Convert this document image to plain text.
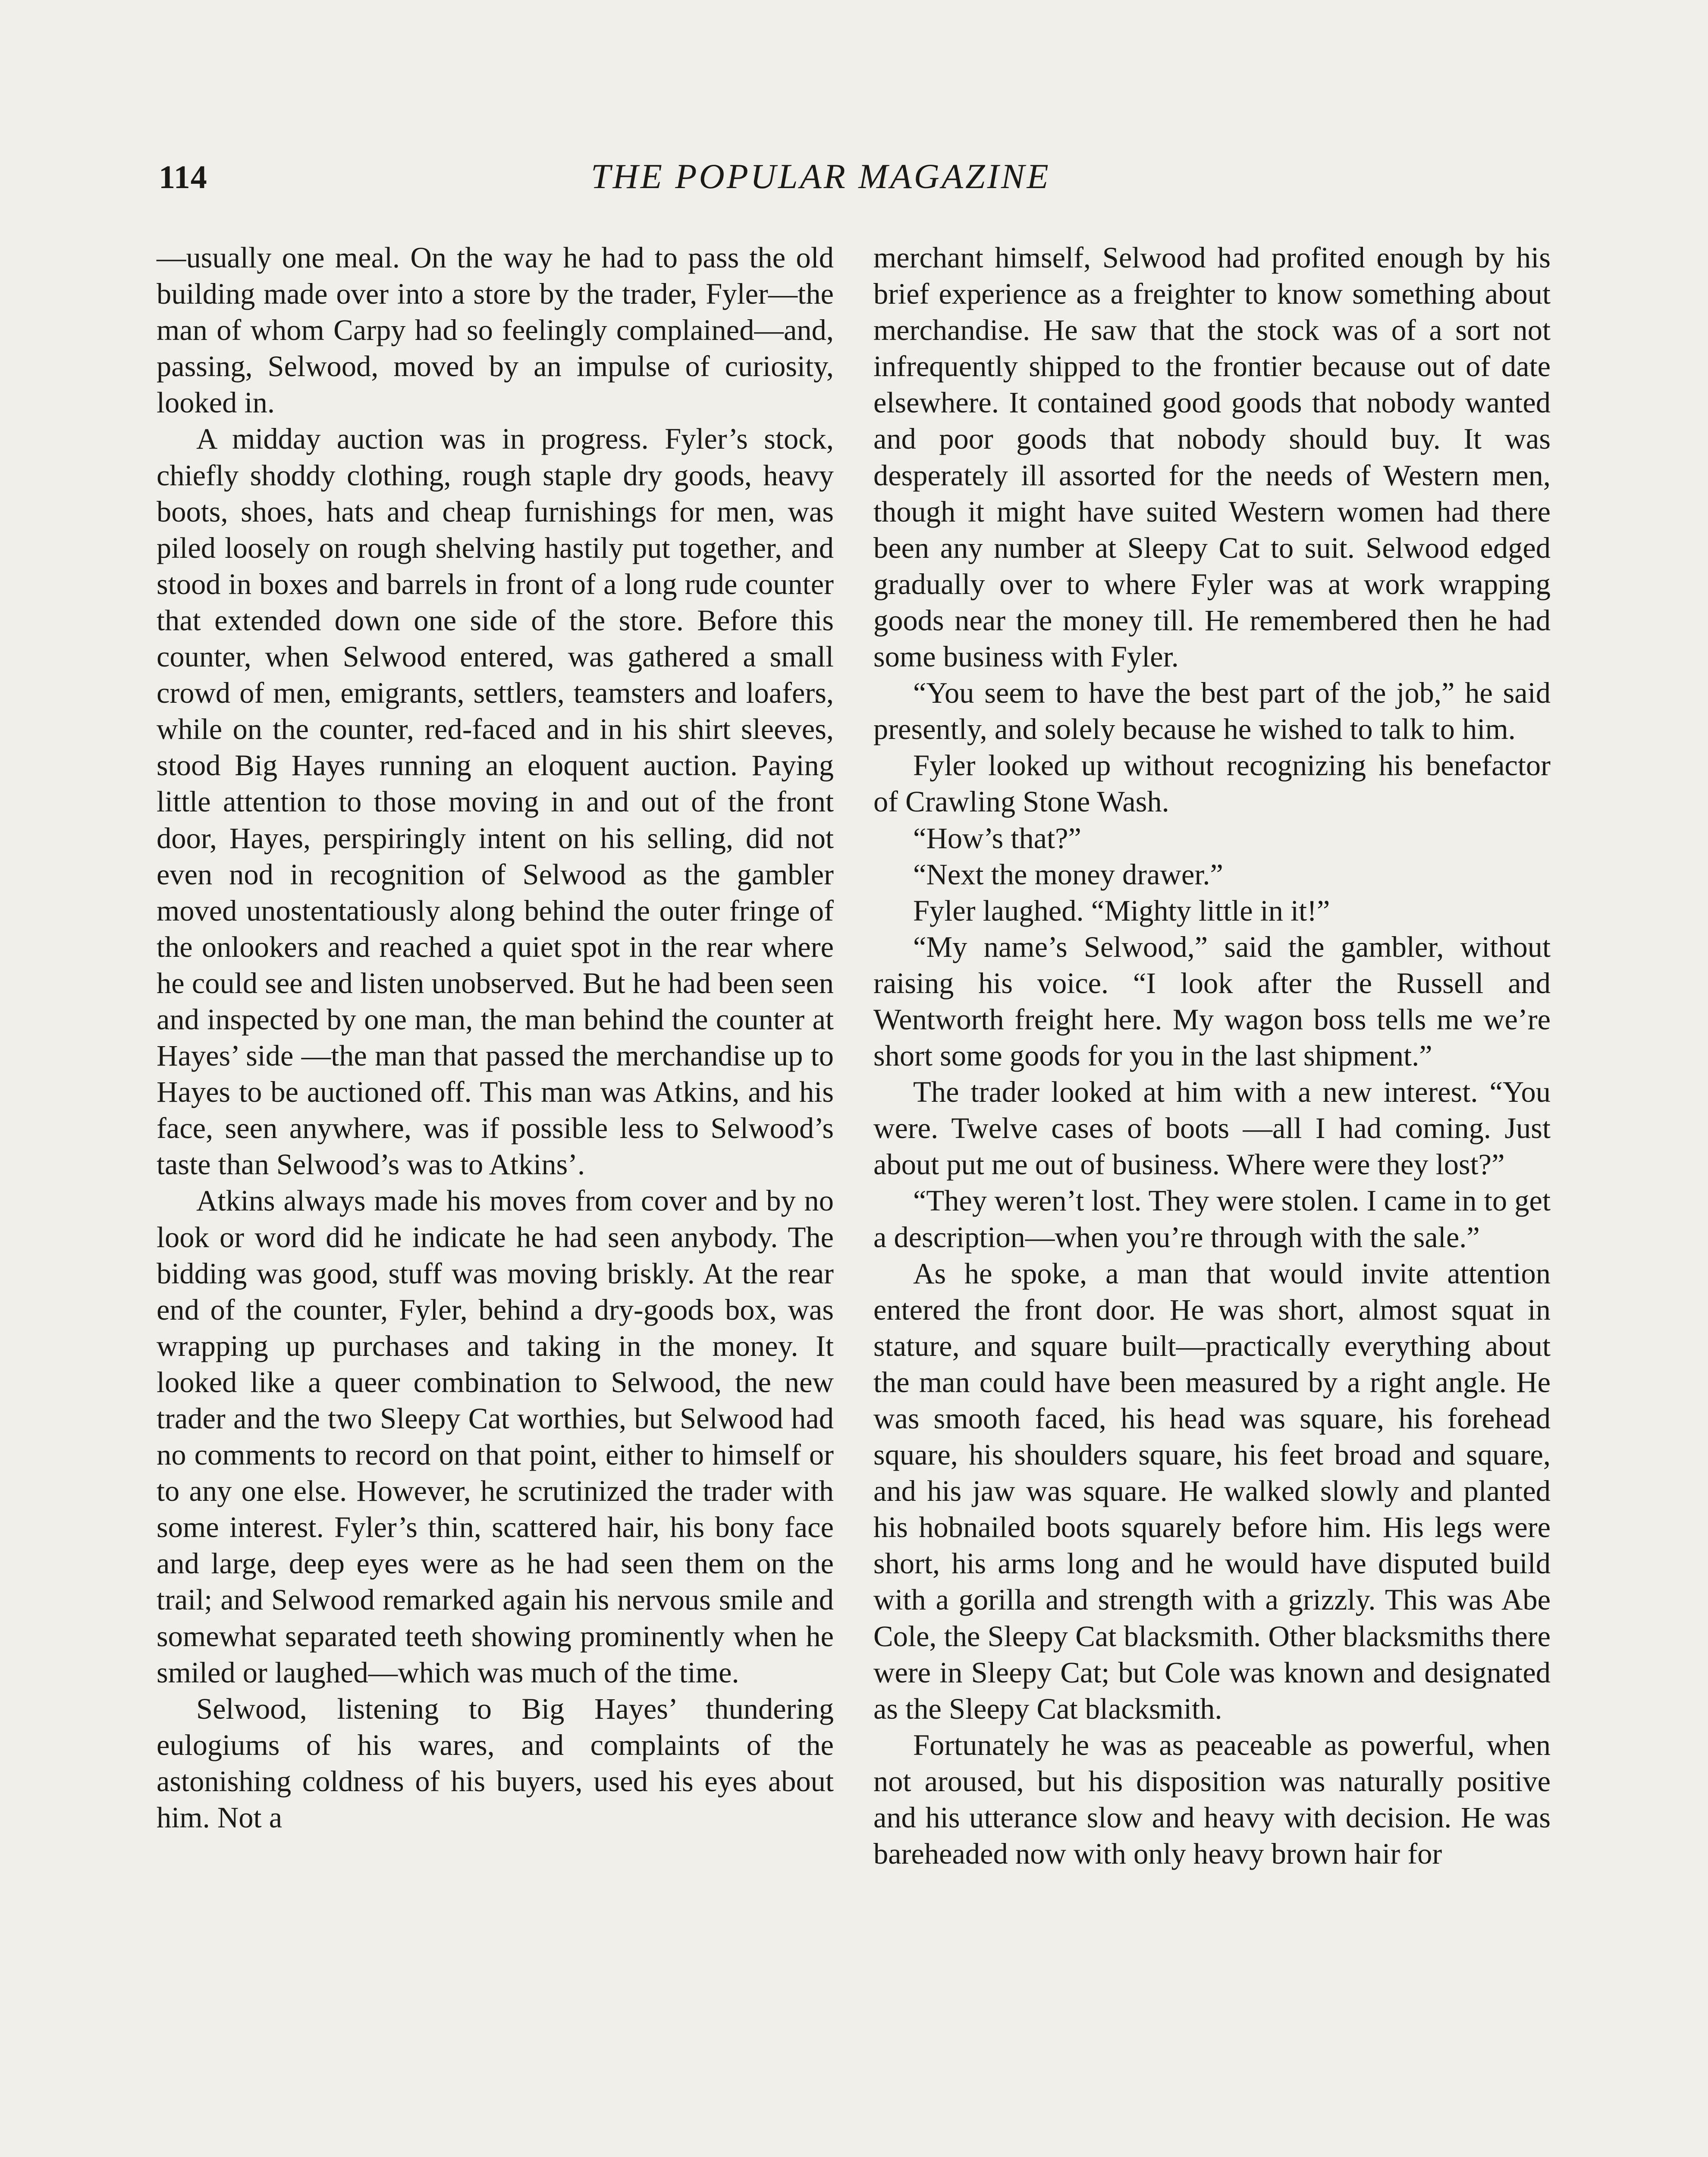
114	THE POPULAR MAGAZINE

—usually one meal. On the way he had to pass the old building made over into a store by the trader, Fyler—the man of whom Carpy had so feelingly complained—and, passing, Selwood, moved by an impulse of curiosity, looked in.

A midday auction was in progress. Fyler’s stock, chiefly shoddy clothing, rough staple dry goods, heavy boots, shoes, hats and cheap furnishings for men, was piled loosely on rough shelving hastily put together, and stood in boxes and barrels in front of a long rude counter that extended down one side of the store. Before this counter, when Selwood entered, was gathered a small crowd of men, emigrants, settlers, teamsters and loafers, while on the counter, red-faced and in his shirt sleeves, stood Big Hayes running an eloquent auction. Paying little attention to those moving in and out of the front door, Hayes, perspiringly intent on his selling, did not even nod in recognition of Selwood as the gambler moved unostentatiously along behind the outer fringe of the onlookers and reached a quiet spot in the rear where he could see and listen unobserved. But he had been seen and inspected by one man, the man behind the counter at Hayes’ side —the man that passed the merchandise up to Hayes to be auctioned off. This man was Atkins, and his face, seen anywhere, was if possible less to Selwood’s taste than Selwood’s was to Atkins’.

Atkins always made his moves from cover and by no look or word did he indicate he had seen anybody. The bidding was good, stuff was moving briskly. At the rear end of the counter, Fyler, behind a dry-goods box, was wrapping up purchases and taking in the money. It looked like a queer combination to Selwood, the new trader and the two Sleepy Cat worthies, but Selwood had no comments to record on that point, either to himself or to any one else. However, he scrutinized the trader with some interest. Fyler’s thin, scattered hair, his bony face and large, deep eyes were as he had seen them on the trail; and Selwood remarked again his nervous smile and somewhat separated teeth showing prominently when he smiled or laughed—which was much of the time.

Selwood, listening to Big Hayes’ thundering eulogiums of his wares, and complaints of the astonishing coldness of his buyers, used his eyes about him. Not a

merchant himself, Selwood had profited enough by his brief experience as a freighter to know something about merchandise. He saw that the stock was of a sort not infrequently shipped to the frontier because out of date elsewhere. It contained good goods that nobody wanted and poor goods that nobody should buy. It was desperately ill assorted for the needs of Western men, though it might have suited Western women had there been any number at Sleepy Cat to suit. Selwood edged gradually over to where Fyler was at work wrapping goods near the money till. He remembered then he had some business with Fyler.

“You seem to have the best part of the job,” he said presently, and solely because he wished to talk to him.

Fyler looked up without recognizing his benefactor of Crawling Stone Wash.

“How’s that?”

“Next the money drawer.”

Fyler laughed. “Mighty little in it!”

“My name’s Selwood,” said the gambler, without raising his voice. “I look after the Russell and Wentworth freight here. My wagon boss tells me we’re short some goods for you in the last shipment.”

The trader looked at him with a new interest. “You were. Twelve cases of boots —all I had coming. Just about put me out of business. Where were they lost?”

“They weren’t lost. They were stolen. I came in to get a description—when you’re through with the sale.”

As he spoke, a man that would invite attention entered the front door. He was short, almost squat in stature, and square built—practically everything about the man could have been measured by a right angle. He was smooth faced, his head was square, his forehead square, his shoulders square, his feet broad and square, and his jaw was square. He walked slowly and planted his hobnailed boots squarely before him. His legs were short, his arms long and he would have disputed build with a gorilla and strength with a grizzly. This was Abe Cole, the Sleepy Cat blacksmith. Other blacksmiths there were in Sleepy Cat; but Cole was known and designated as the Sleepy Cat blacksmith.

Fortunately he was as peaceable as powerful, when not aroused, but his disposition was naturally positive and his utterance slow and heavy with decision. He was bareheaded now with only heavy brown hair for
